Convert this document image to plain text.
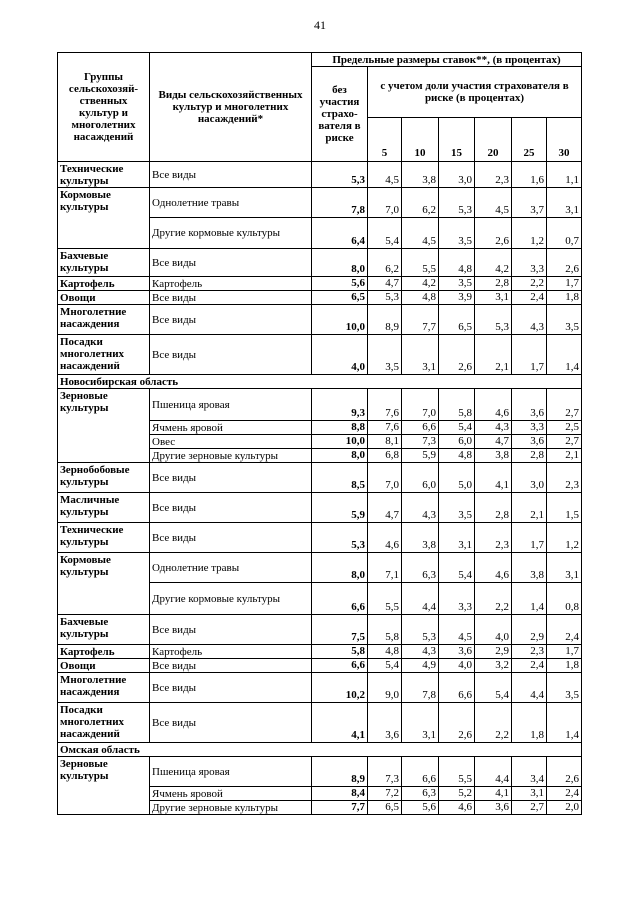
41
Группы сельскохозяй-ственных культур и многолетних насаждений	Виды сельскохозяйственных культур и многолетних насаждений*	Предельные размеры ставок**, (в процентах)						
		без участия страхо-вателя в риске	с учетом доли участия страхователя в риске (в процентах)					
			5	10	15	20	25	30
Технические культуры	Все виды	5,3	4,5	3,8	3,0	2,3	1,6	1,1
Кормовые культуры	Однолетние травы	7,8	7,0	6,2	5,3	4,5	3,7	3,1
	Другие кормовые культуры	6,4	5,4	4,5	3,5	2,6	1,2	0,7
Бахчевые культуры	Все виды	8,0	6,2	5,5	4,8	4,2	3,3	2,6
Картофель	Картофель	5,6	4,7	4,2	3,5	2,8	2,2	1,7
Овощи	Все виды	6,5	5,3	4,8	3,9	3,1	2,4	1,8
Многолетние насаждения	Все виды	10,0	8,9	7,7	6,5	5,3	4,3	3,5
Посадки многолетних насаждений	Все виды	4,0	3,5	3,1	2,6	2,1	1,7	1,4
Новосибирская область								
Зерновые культуры	Пшеница яровая	9,3	7,6	7,0	5,8	4,6	3,6	2,7
	Ячмень яровой	8,8	7,6	6,6	5,4	4,3	3,3	2,5
	Овес	10,0	8,1	7,3	6,0	4,7	3,6	2,7
	Другие зерновые культуры	8,0	6,8	5,9	4,8	3,8	2,8	2,1
Зернобобовые культуры	Все виды	8,5	7,0	6,0	5,0	4,1	3,0	2,3
Масличные культуры	Все виды	5,9	4,7	4,3	3,5	2,8	2,1	1,5
Технические культуры	Все виды	5,3	4,6	3,8	3,1	2,3	1,7	1,2
Кормовые культуры	Однолетние травы	8,0	7,1	6,3	5,4	4,6	3,8	3,1
	Другие кормовые культуры	6,6	5,5	4,4	3,3	2,2	1,4	0,8
Бахчевые культуры	Все виды	7,5	5,8	5,3	4,5	4,0	2,9	2,4
Картофель	Картофель	5,8	4,8	4,3	3,6	2,9	2,3	1,7
Овощи	Все виды	6,6	5,4	4,9	4,0	3,2	2,4	1,8
Многолетние насаждения	Все виды	10,2	9,0	7,8	6,6	5,4	4,4	3,5
Посадки многолетних насаждений	Все виды	4,1	3,6	3,1	2,6	2,2	1,8	1,4
Омская область								
Зерновые культуры	Пшеница яровая	8,9	7,3	6,6	5,5	4,4	3,4	2,6
	Ячмень яровой	8,4	7,2	6,3	5,2	4,1	3,1	2,4
	Другие зерновые культуры	7,7	6,5	5,6	4,6	3,6	2,7	2,0
